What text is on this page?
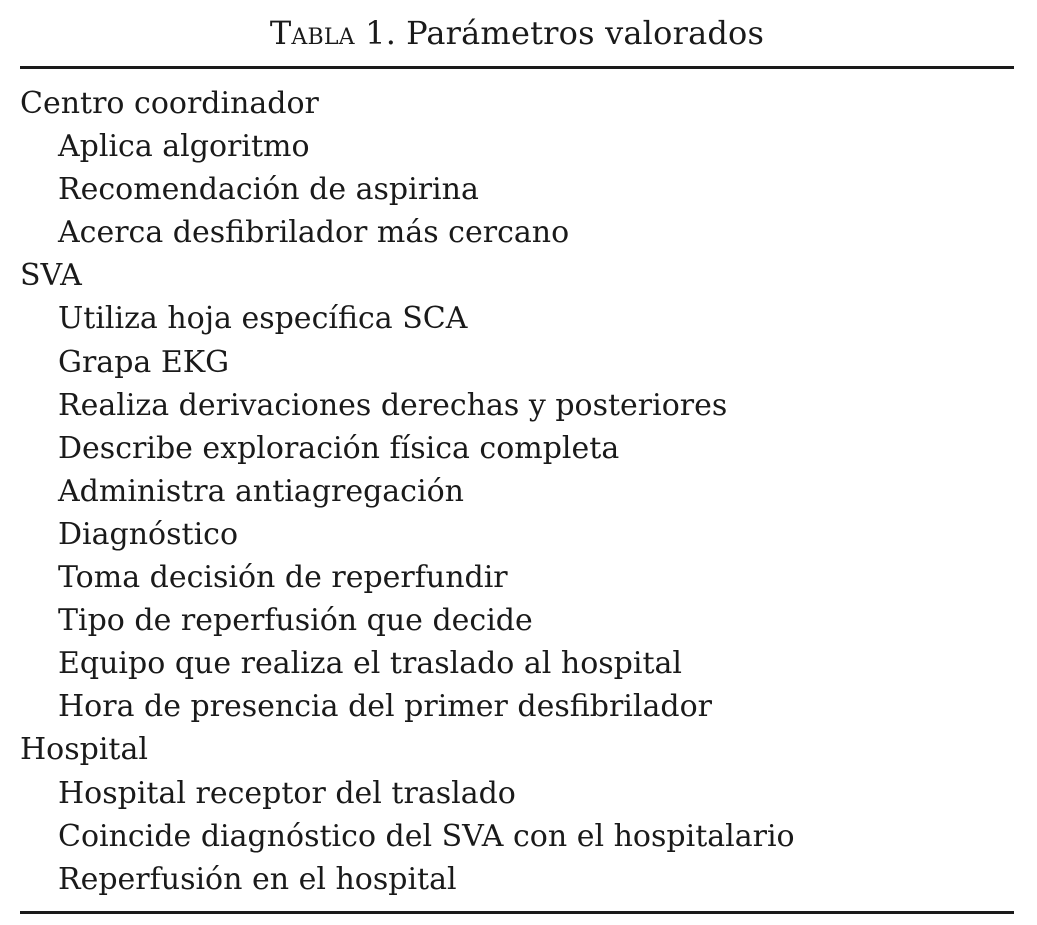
Tabla 1. Parámetros valorados
Centro coordinador
Aplica algoritmo
Recomendación de aspirina
Acerca desfibrilador más cercano
SVA
Utiliza hoja específica SCA
Grapa EKG
Realiza derivaciones derechas y posteriores
Describe exploración física completa
Administra antiagregación
Diagnóstico
Toma decisión de reperfundir
Tipo de reperfusión que decide
Equipo que realiza el traslado al hospital
Hora de presencia del primer desfibrilador
Hospital
Hospital receptor del traslado
Coincide diagnóstico del SVA con el hospitalario
Reperfusión en el hospital
